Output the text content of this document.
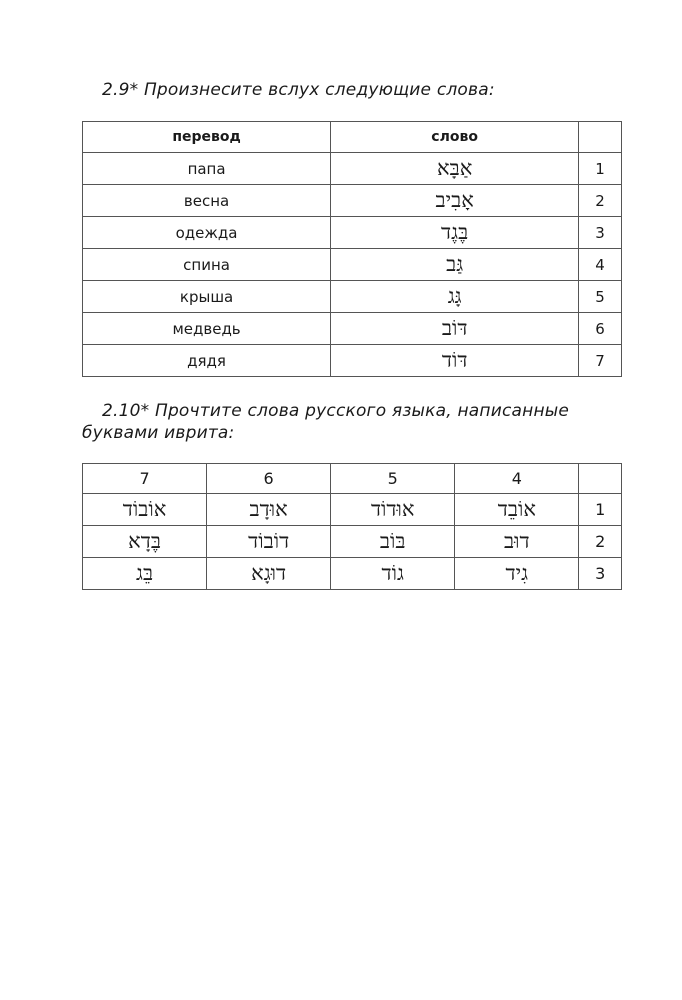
2.9* Произнесите вслух следующие слова:
перевод	слово	
папа	אַבָּא	1
весна	אָבִיב	2
одежда	בֶּגֶד	3
спина	גַּב	4
крыша	גָּג	5
медведь	דּוֹב	6
дядя	דּוֹד	7
2.10* Прочтите слова русского языка, написанные буквами иврита:
7	6	5	4	
אוֹבוֹד	אוּדָב	אוּדוֹד	אוֹבֵד	1
בֶּדָא	דוֹבוֹד	בּוֹב	דוּב	2
בֵּג	דוּגָא	גוֹד	גִיד	3
